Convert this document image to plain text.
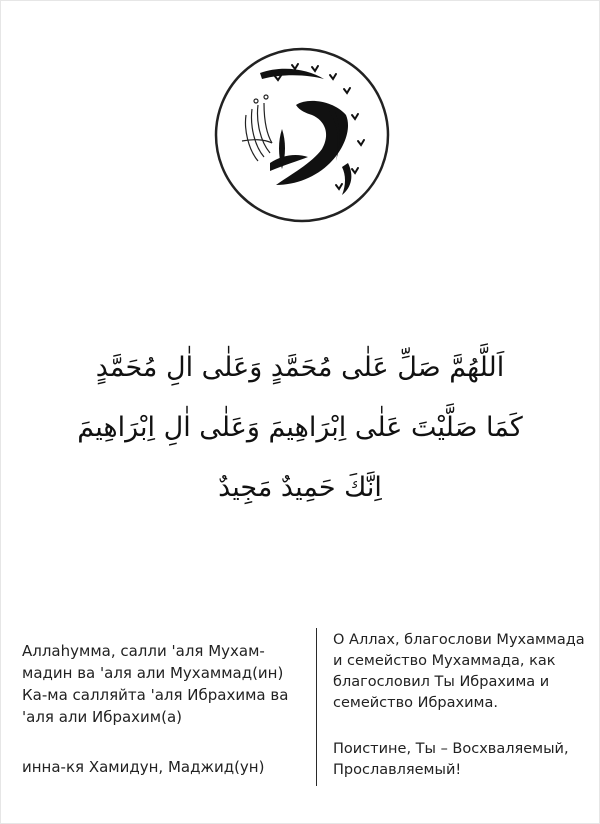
اَللَّهُمَّ صَلِّ عَلٰى مُحَمَّدٍ وَعَلٰى اٰلِ مُحَمَّدٍ
كَمَا صَلَّيْتَ عَلٰى اِبْرَاهِيمَ وَعَلٰى اٰلِ اِبْرَاهِيمَ
اِنَّكَ حَمِيدٌ مَجِيدٌ

Аллаhумма, салли 'аля Мухам-

мадин ва 'аля али Мухаммад(ин)

Ка-ма салляйта 'аля Ибрахима ва

'аля али Ибрахим(а)

инна-кя Хамидун, Маджид(ун)

О Аллах, благослови Мухаммада

и семейство Мухаммада, как

благословил Ты Ибрахима и

семейство Ибрахима.

Поистине, Ты – Восхваляемый,

Прославляемый!
